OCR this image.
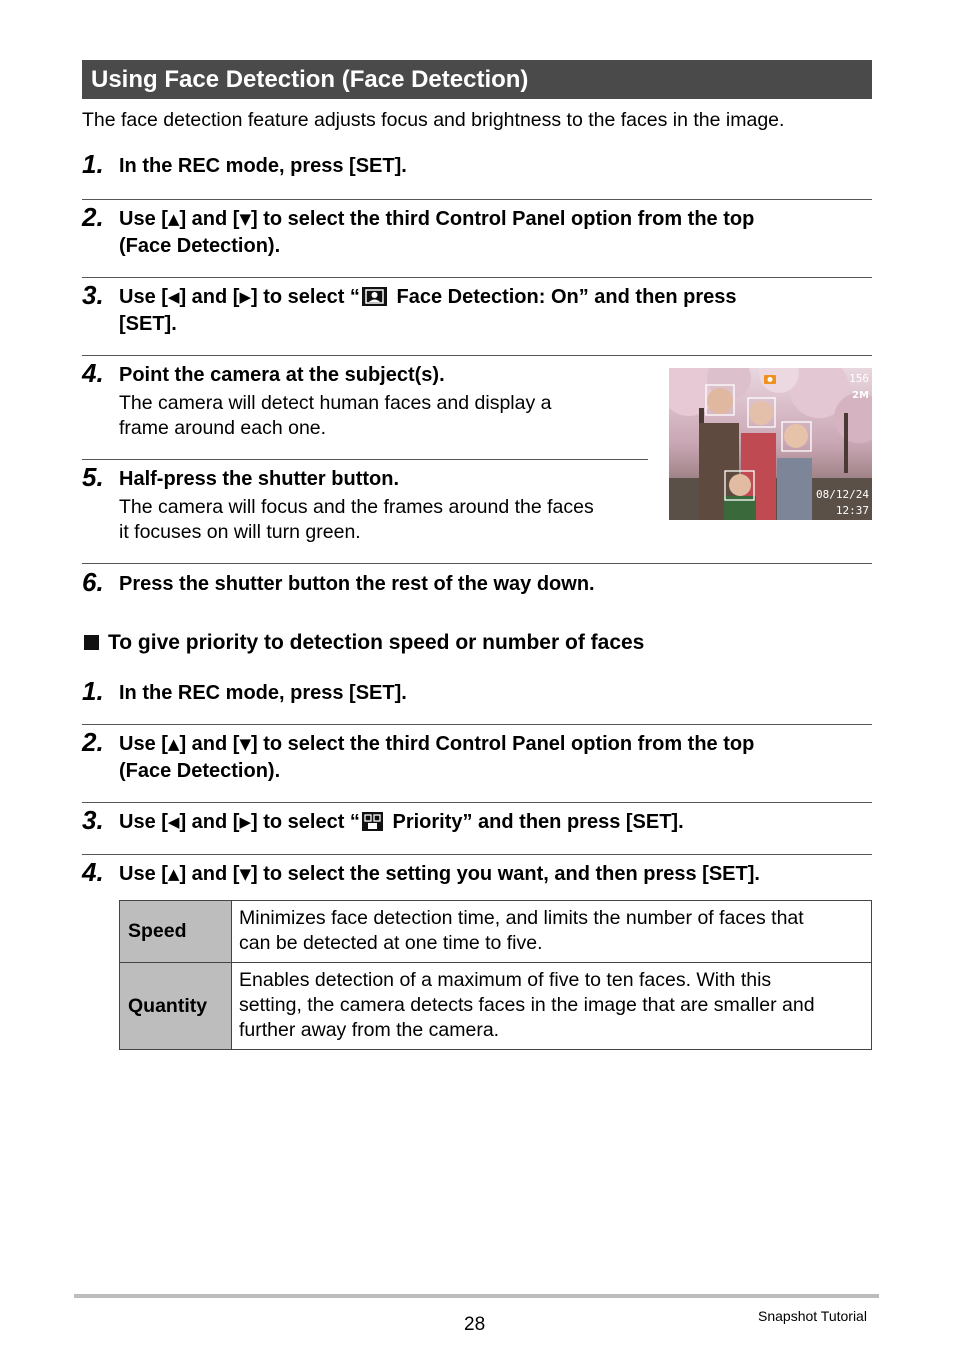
Using Face Detection (Face Detection)
The face detection feature adjusts focus and brightness to the faces in the image.
1. In the REC mode, press [SET].
2. Use [▲] and [▼] to select the third Control Panel option from the top
(Face Detection).
3. Use [◀] and [▶] to select “ Face Detection: On” and then press
[SET].
4. Point the camera at the subject(s).
The camera will detect human faces and display a
frame around each one.
5. Half-press the shutter button.
The camera will focus and the frames around the faces
it focuses on will turn green.
156
2M
08/12/24
12:37
6. Press the shutter button the rest of the way down.
To give priority to detection speed or number of faces
1. In the REC mode, press [SET].
2. Use [▲] and [▼] to select the third Control Panel option from the top
(Face Detection).
3. Use [◀] and [▶] to select “ Priority” and then press [SET].
4. Use [▲] and [▼] to select the setting you want, and then press [SET].
Speed	Minimizes face detection time, and limits the number of faces that
can be detected at one time to five.
Quantity	Enables detection of a maximum of five to ten faces. With this
setting, the camera detects faces in the image that are smaller and
further away from the camera.
28	Snapshot Tutorial
